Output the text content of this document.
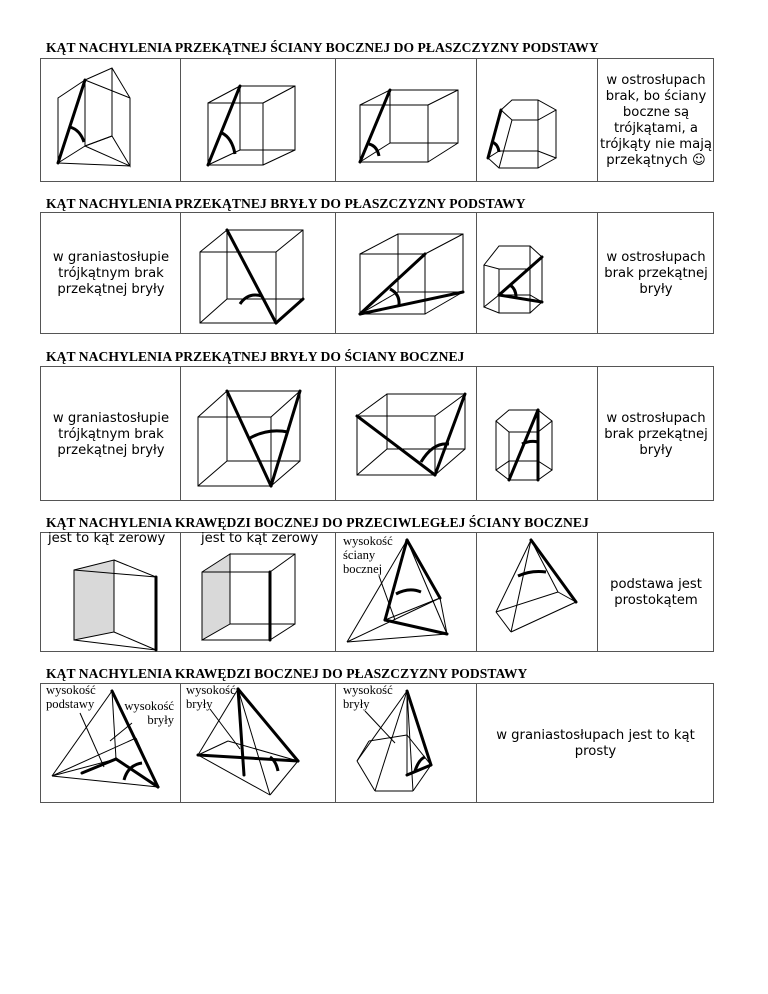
KĄT NACHYLENIA PRZEKĄTNEJ ŚCIANY BOCZNEJ DO PŁASZCZYZNY PODSTAWY
w ostrosłupach brak, bo ściany boczne są trójkątami, a trójkąty nie mają przekątnych ☺
KĄT NACHYLENIA PRZEKĄTNEJ BRYŁY DO PŁASZCZYZNY PODSTAWY
w graniastosłupie trójkątnym brak przekątnej bryły
w ostrosłupach brak przekątnej bryły
KĄT NACHYLENIA PRZEKĄTNEJ BRYŁY DO ŚCIANY BOCZNEJ
w graniastosłupie trójkątnym brak przekątnej bryły
w ostrosłupach brak przekątnej bryły
KĄT NACHYLENIA KRAWĘDZI BOCZNEJ DO PRZECIWLEGŁEJ ŚCIANY BOCZNEJ
podstawa jest prostokątem
jest to kąt zerowy	jest to kąt zerowy wysokość ściany bocznej
KĄT NACHYLENIA KRAWĘDZI BOCZNEJ DO PŁASZCZYZNY PODSTAWY
w graniastosłupach jest to kąt prosty
wysokość podstawy	wysokość bryły
wysokość bryły
wysokość bryły
